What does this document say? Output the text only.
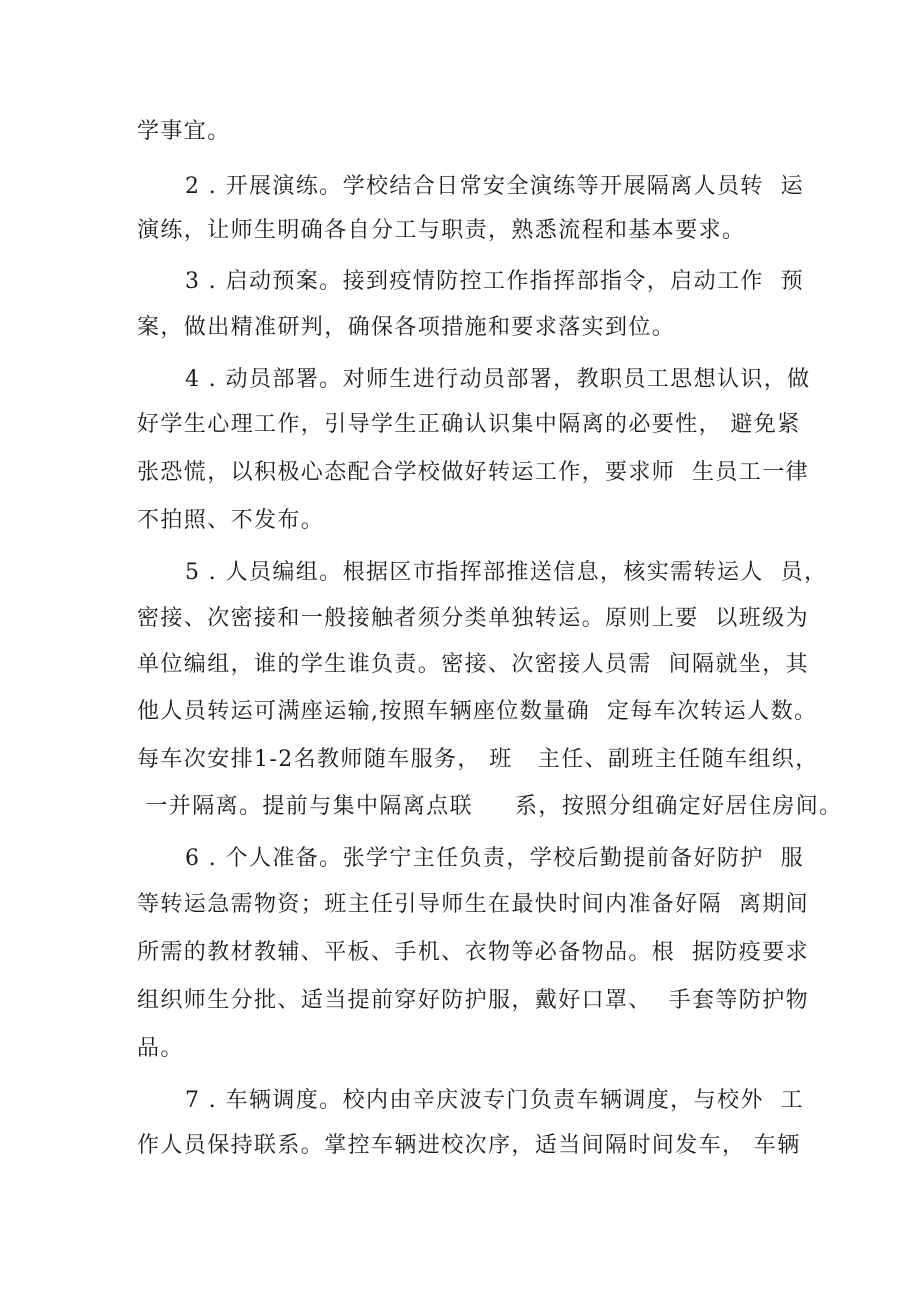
学事宜。
2 . 开展演练。学校结合日常安全演练等开展隔离人员转  运
演练，让师生明确各自分工与职责，熟悉流程和基本要求。
3 . 启动预案。接到疫情防控工作指挥部指令，启动工作  预
案，做出精准研判，确保各项措施和要求落实到位。
4 . 动员部署。对师生进行动员部署，教职员工思想认识，做
好学生心理工作，引导学生正确认识集中隔离的必要性， 避免紧
张恐慌，以积极心态配合学校做好转运工作，要求师  生员工一律
不拍照、不发布。
5 . 人员编组。根据区市指挥部推送信息，核实需转运人  员，
密接、次密接和一般接触者须分类单独转运。原则上要  以班级为
单位编组，谁的学生谁负责。密接、次密接人员需  间隔就坐，其
他人员转运可满座运输,按照车辆座位数量确  定每车次转运人数。
每车次安排1-2名教师随车服务， 班   主任、副班主任随车组织，
一并隔离。提前与集中隔离点联     系，按照分组确定好居住房间。
6 . 个人准备。张学宁主任负责，学校后勤提前备好防护  服
等转运急需物资；班主任引导师生在最快时间内准备好隔  离期间
所需的教材教辅、平板、手机、衣物等必备物品。根  据防疫要求
组织师生分批、适当提前穿好防护服，戴好口罩、  手套等防护物
品。
7 . 车辆调度。校内由辛庆波专门负责车辆调度，与校外  工
作人员保持联系。掌控车辆进校次序，适当间隔时间发车， 车辆
